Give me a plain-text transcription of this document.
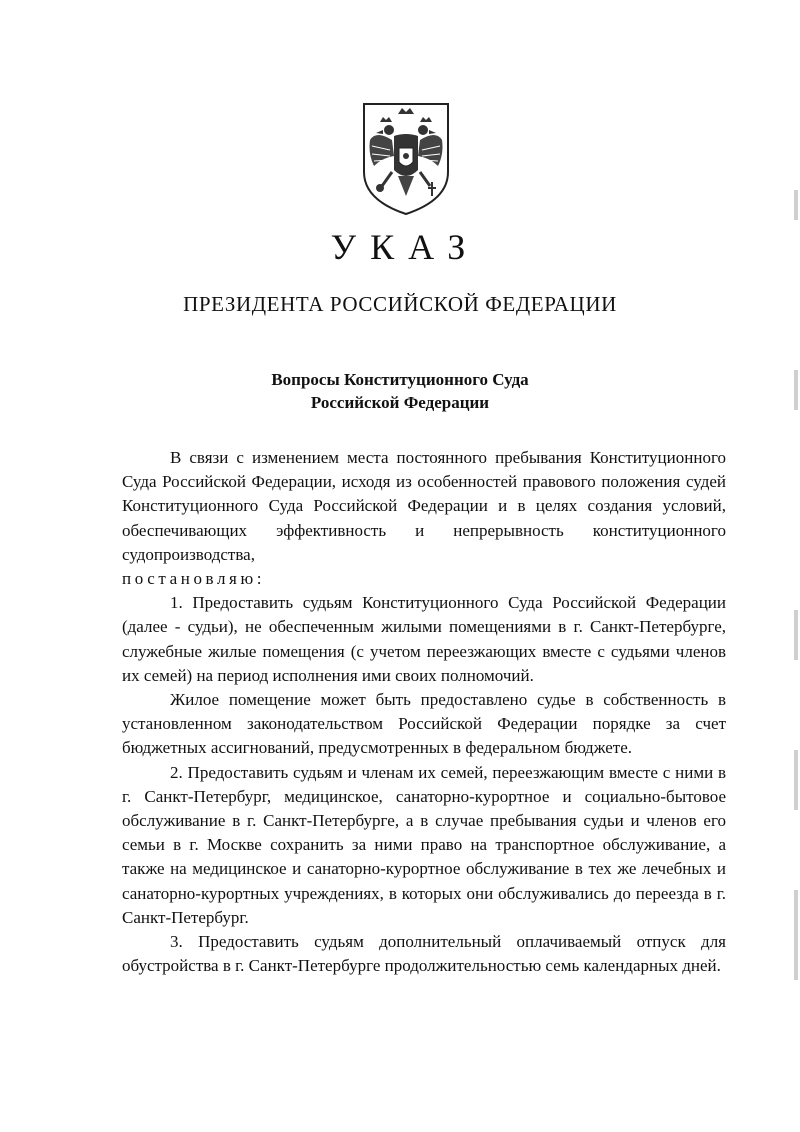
УКАЗ
ПРЕЗИДЕНТА РОССИЙСКОЙ ФЕДЕРАЦИИ
Вопросы Конституционного Суда
Российской Федерации

В связи с изменением места постоянного пребывания Конституционного Суда Российской Федерации, исходя из особенностей правового положения судей Конституционного Суда Российской Федерации и в целях создания условий, обеспечивающих эффективность и непрерывность конституционного судопроизводства,

постановляю:

1. Предоставить судьям Конституционного Суда Российской Федерации (далее - судьи), не обеспеченным жилыми помещениями в г. Санкт-Петербурге, служебные жилые помещения (с учетом переезжающих вместе с судьями членов их семей) на период исполнения ими своих полномочий.

Жилое помещение может быть предоставлено судье в собственность в установленном законодательством Российской Федерации порядке за счет бюджетных ассигнований, предусмотренных в федеральном бюджете.

2. Предоставить судьям и членам их семей, переезжающим вместе с ними в г. Санкт-Петербург, медицинское, санаторно-курортное и социально-бытовое обслуживание в г. Санкт-Петербурге, а в случае пребывания судьи и членов его семьи в г. Москве сохранить за ними право на транспортное обслуживание, а также на медицинское и санаторно-курортное обслуживание в тех же лечебных и санаторно-курортных учреждениях, в которых они обслуживались до переезда в г. Санкт-Петербург.

3. Предоставить судьям дополнительный оплачиваемый отпуск для обустройства в г. Санкт-Петербурге продолжительностью семь календарных дней.
